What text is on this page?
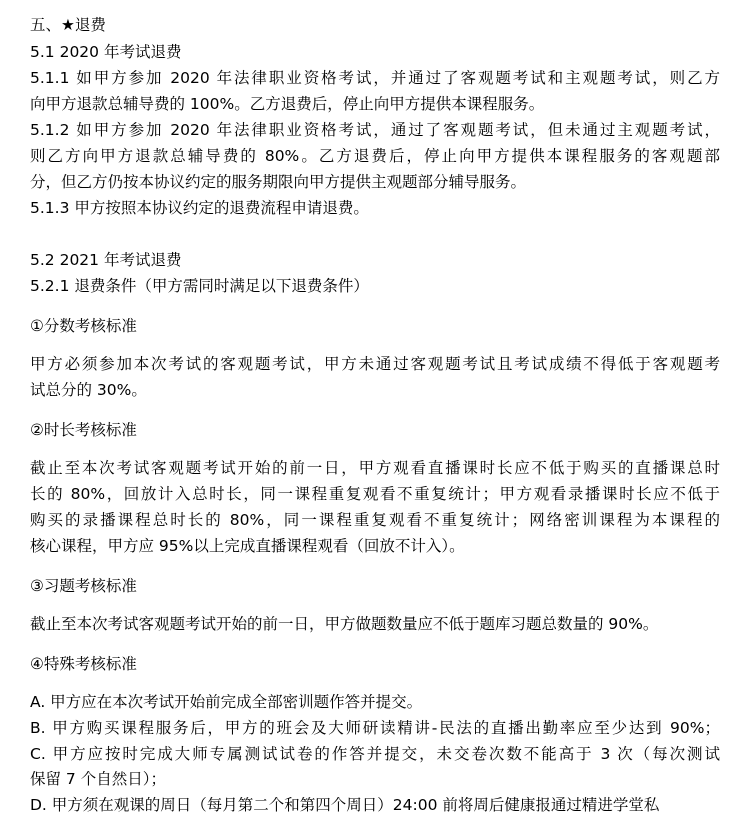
五、★退费
5.1 2020 年考试退费
5.1.1 如甲方参加 2020 年法律职业资格考试，并通过了客观题考试和主观题考试，则乙方
向甲方退款总辅导费的 100%。乙方退费后，停止向甲方提供本课程服务。
5.1.2 如甲方参加 2020 年法律职业资格考试，通过了客观题考试，但未通过主观题考试，
则乙方向甲方退款总辅导费的 80%。乙方退费后，停止向甲方提供本课程服务的客观题部
分，但乙方仍按本协议约定的服务期限向甲方提供主观题部分辅导服务。
5.1.3 甲方按照本协议约定的退费流程申请退费。
5.2 2021 年考试退费
5.2.1 退费条件（甲方需同时满足以下退费条件）
①分数考核标准
甲方必须参加本次考试的客观题考试，甲方未通过客观题考试且考试成绩不得低于客观题考
试总分的 30%。
②时长考核标准
截止至本次考试客观题考试开始的前一日，甲方观看直播课时长应不低于购买的直播课总时
长的 80%，回放计入总时长，同一课程重复观看不重复统计；甲方观看录播课时长应不低于
购买的录播课程总时长的 80%，同一课程重复观看不重复统计；网络密训课程为本课程的
核心课程，甲方应 95%以上完成直播课程观看（回放不计入）。
③习题考核标准
截止至本次考试客观题考试开始的前一日，甲方做题数量应不低于题库习题总数量的 90%。
④特殊考核标准
A. 甲方应在本次考试开始前完成全部密训题作答并提交。
B. 甲方购买课程服务后，甲方的班会及大师研读精讲-民法的直播出勤率应至少达到 90%；
C. 甲方应按时完成大师专属测试试卷的作答并提交，未交卷次数不能高于 3 次（每次测试
保留 7 个自然日）；
D. 甲方须在观课的周日（每月第二个和第四个周日）24:00 前将周后健康报通过精进学堂私
